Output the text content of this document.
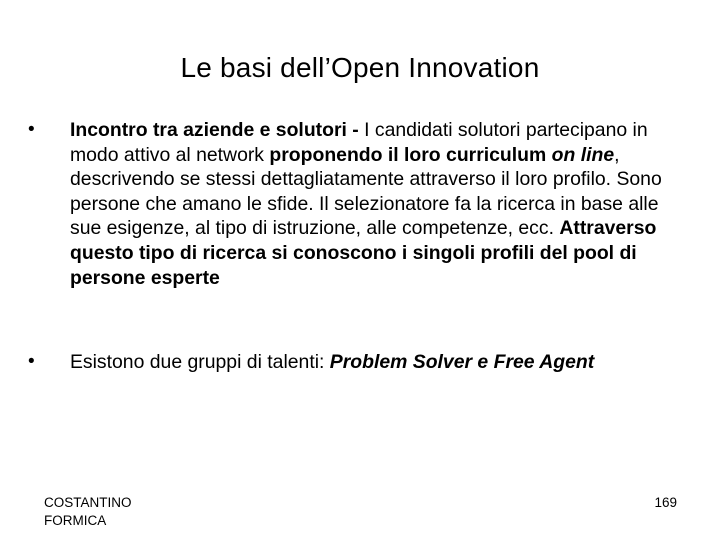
Le basi dell’Open Innovation
• Incontro tra aziende e solutori - I candidati solutori partecipano in modo attivo al network proponendo il loro curriculum on line, descrivendo se stessi dettagliatamente attraverso il loro profilo. Sono persone che amano le sfide. Il selezionatore fa la ricerca in base alle sue esigenze, al tipo di istruzione, alle competenze, ecc. Attraverso questo tipo di ricerca si conoscono i singoli profili del pool di persone esperte
• Esistono due gruppi di talenti: Problem Solver e Free Agent
COSTANTINO
FORMICA
169
